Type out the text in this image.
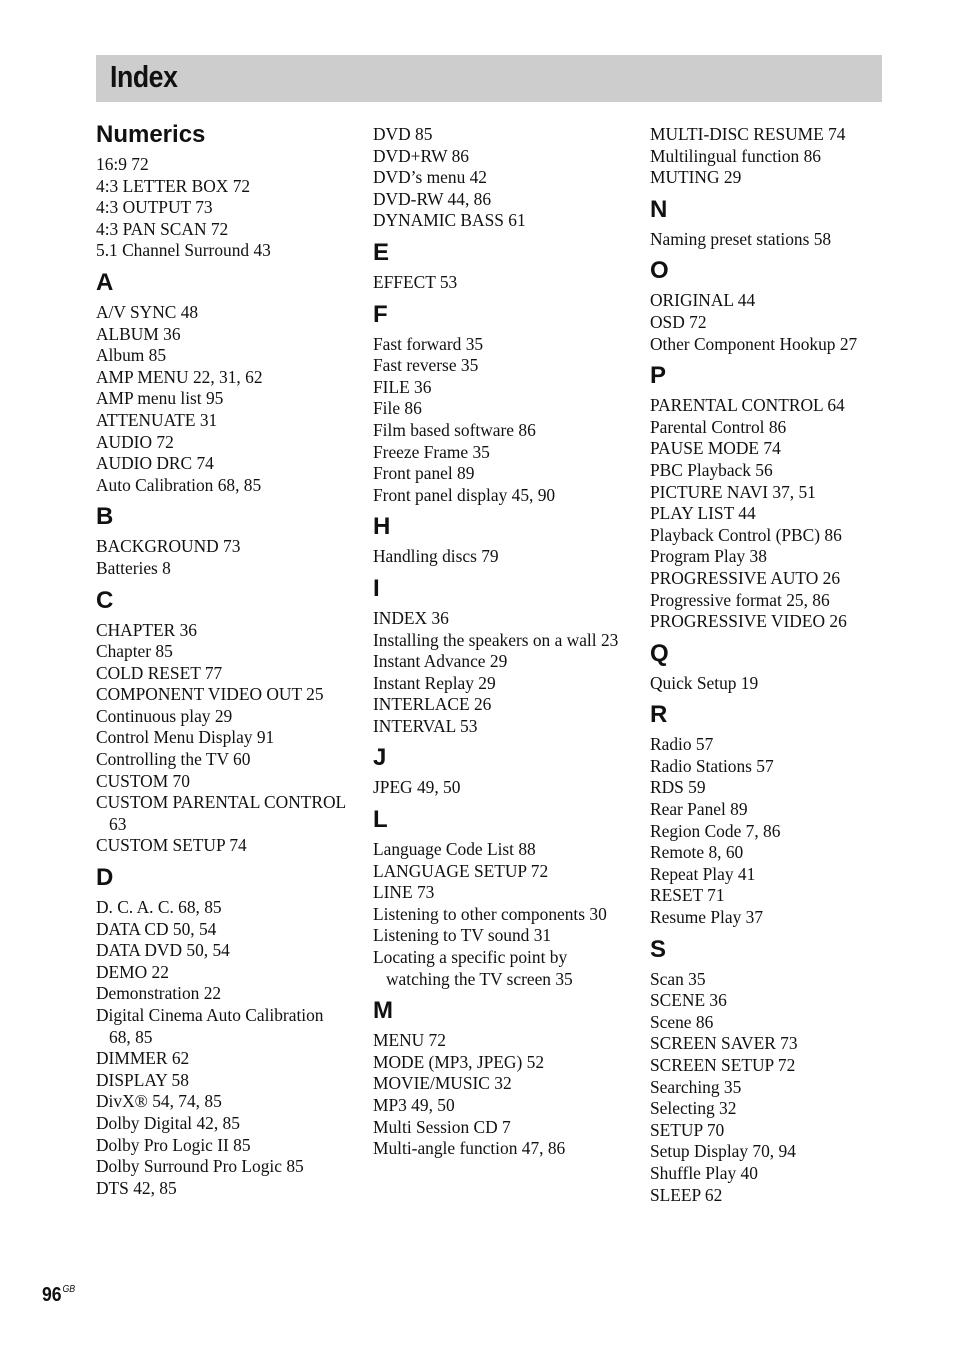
Index
Numerics
16:9 72
4:3 LETTER BOX 72
4:3 OUTPUT 73
4:3 PAN SCAN 72
5.1 Channel Surround 43
A
A/V SYNC 48
ALBUM 36
Album 85
AMP MENU 22, 31, 62
AMP menu list 95
ATTENUATE 31
AUDIO 72
AUDIO DRC 74
Auto Calibration 68, 85
B
BACKGROUND 73
Batteries 8
C
CHAPTER 36
Chapter 85
COLD RESET 77
COMPONENT VIDEO OUT 25
Continuous play 29
Control Menu Display 91
Controlling the TV 60
CUSTOM 70
CUSTOM PARENTAL CONTROL 63
CUSTOM SETUP 74
D
D. C. A. C. 68, 85
DATA CD 50, 54
DATA DVD 50, 54
DEMO 22
Demonstration 22
Digital Cinema Auto Calibration 68, 85
DIMMER 62
DISPLAY 58
DivX® 54, 74, 85
Dolby Digital 42, 85
Dolby Pro Logic II 85
Dolby Surround Pro Logic 85
DTS 42, 85
DVD 85
DVD+RW 86
DVD’s menu 42
DVD-RW 44, 86
DYNAMIC BASS 61
E
EFFECT 53
F
Fast forward 35
Fast reverse 35
FILE 36
File 86
Film based software 86
Freeze Frame 35
Front panel 89
Front panel display 45, 90
H
Handling discs 79
I
INDEX 36
Installing the speakers on a wall 23
Instant Advance 29
Instant Replay 29
INTERLACE 26
INTERVAL 53
J
JPEG 49, 50
L
Language Code List 88
LANGUAGE SETUP 72
LINE 73
Listening to other components 30
Listening to TV sound 31
Locating a specific point by watching the TV screen 35
M
MENU 72
MODE (MP3, JPEG) 52
MOVIE/MUSIC 32
MP3 49, 50
Multi Session CD 7
Multi-angle function 47, 86
MULTI-DISC RESUME 74
Multilingual function 86
MUTING 29
N
Naming preset stations 58
O
ORIGINAL 44
OSD 72
Other Component Hookup 27
P
PARENTAL CONTROL 64
Parental Control 86
PAUSE MODE 74
PBC Playback 56
PICTURE NAVI 37, 51
PLAY LIST 44
Playback Control (PBC) 86
Program Play 38
PROGRESSIVE AUTO 26
Progressive format 25, 86
PROGRESSIVE VIDEO 26
Q
Quick Setup 19
R
Radio 57
Radio Stations 57
RDS 59
Rear Panel 89
Region Code 7, 86
Remote 8, 60
Repeat Play 41
RESET 71
Resume Play 37
S
Scan 35
SCENE 36
Scene 86
SCREEN SAVER 73
SCREEN SETUP 72
Searching 35
Selecting 32
SETUP 70
Setup Display 70, 94
Shuffle Play 40
SLEEP 62
$96^{GB}$
